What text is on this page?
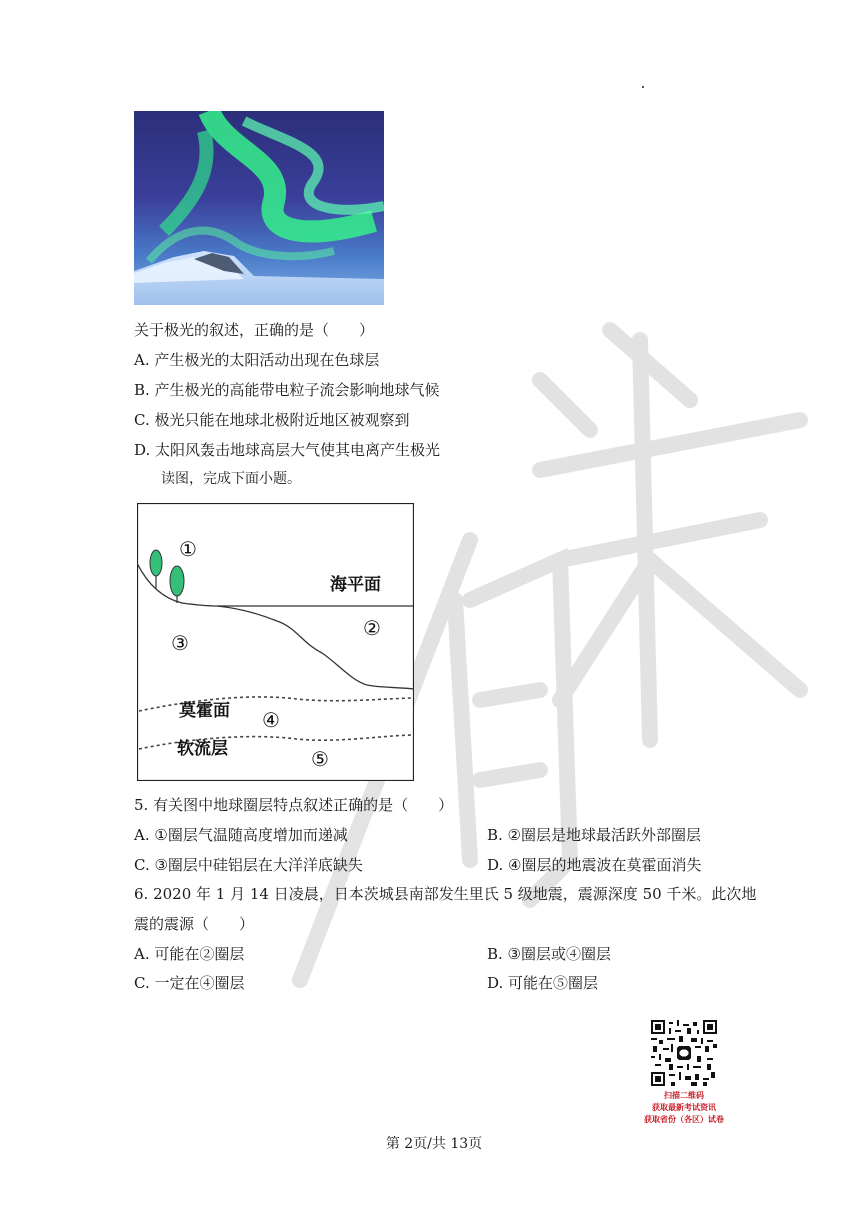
关于极光的叙述，正确的是（　　）
A. 产生极光的太阳活动出现在色球层
B. 产生极光的高能带电粒子流会影响地球气候
C. 极光只能在地球北极附近地区被观察到
D. 太阳风轰击地球高层大气使其电离产生极光
读图，完成下面小题。
①
②
③
④
⑤
海平面
莫霍面
软流层
5. 有关图中地球圈层特点叙述正确的是（　　）
A. ①圈层气温随高度增加而递减	B. ②圈层是地球最活跃外部圈层
C. ③圈层中硅铝层在大洋洋底缺失	D. ④圈层的地震波在莫霍面消失
6. 2020 年 1 月 14 日凌晨，日本茨城县南部发生里氏 5 级地震，震源深度 50 千米。此次地
震的震源（　　）
A. 可能在②圈层	B. ③圈层或④圈层
C. 一定在④圈层	D. 可能在⑤圈层
扫描二维码
获取最新考试资讯
获取省份（各区）试卷
第 2页/共 13页
